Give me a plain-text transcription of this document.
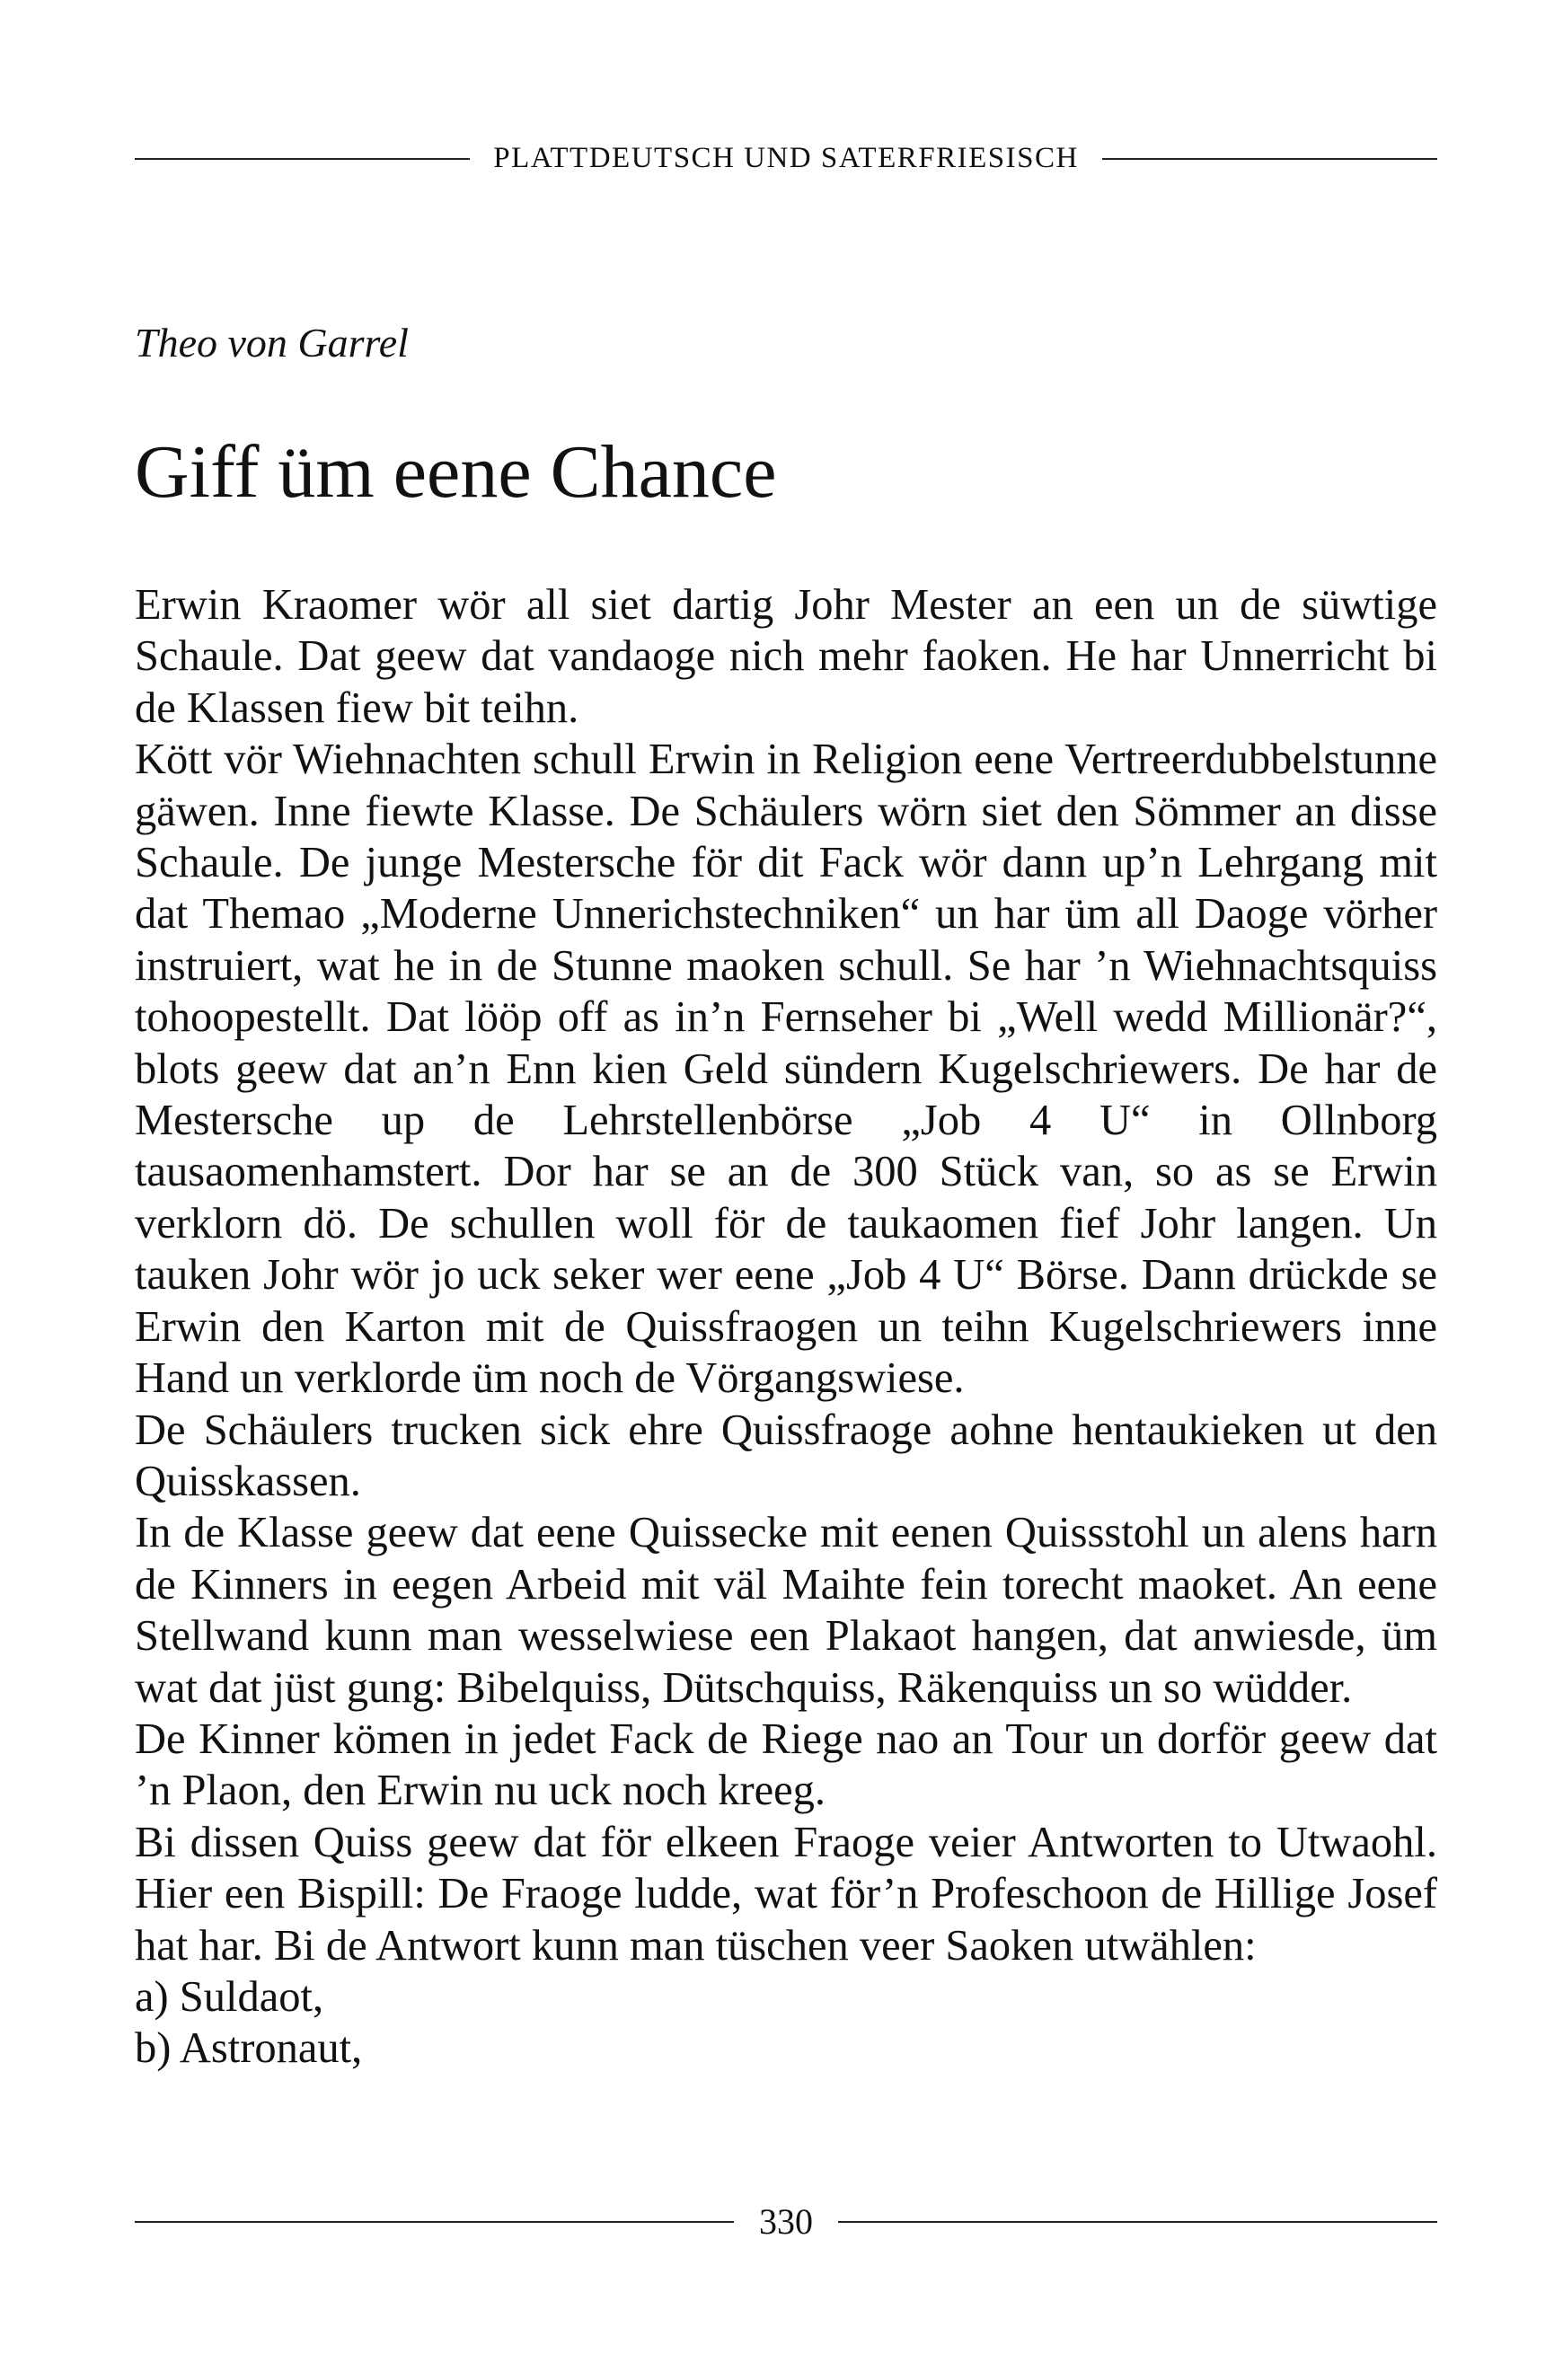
PLATTDEUTSCH UND SATERFRIESISCH
Theo von Garrel
Giff üm eene Chance

Erwin Kraomer wör all siet dartig Johr Mester an een un de süwtige Schaule. Dat geew dat vandaoge nich mehr faoken. He har Unnerricht bi de Klassen fiew bit teihn.

Kött vör Wiehnachten schull Erwin in Religion eene Vertreerdubbelstunne gäwen. Inne fiewte Klasse. De Schäulers wörn siet den Sömmer an disse Schaule. De junge Mestersche för dit Fack wör dann up’n Lehrgang mit dat Themao „Moderne Unnerichstechniken“ un har üm all Daoge vörher instruiert, wat he in de Stunne maoken schull. Se har ’n Wiehnachtsquiss tohoopestellt. Dat lööp off as in’n Fernseher bi „Well wedd Millionär?“, blots geew dat an’n Enn kien Geld sündern Kugelschriewers. De har de Mestersche up de Lehrstellenbörse „Job 4 U“ in Ollnborg tausaomenhamstert. Dor har se an de 300 Stück van, so as se Erwin verklorn dö. De schullen woll för de taukaomen fief Johr langen. Un tauken Johr wör jo uck seker wer eene „Job 4 U“ Börse. Dann drückde se Erwin den Karton mit de Quissfraogen un teihn Kugelschriewers inne Hand un verklorde üm noch de Vörgangswiese.

De Schäulers trucken sick ehre Quissfraoge aohne hentaukieken ut den Quisskassen.

In de Klasse geew dat eene Quissecke mit eenen Quissstohl un alens harn de Kinners in eegen Arbeid mit väl Maihte fein torecht maoket. An eene Stellwand kunn man wesselwiese een Plakaot hangen, dat anwiesde, üm wat dat jüst gung: Bibelquiss, Dütschquiss, Räkenquiss un so wüdder.

De Kinner kömen in jedet Fack de Riege nao an Tour un dorför geew dat ’n Plaon, den Erwin nu uck noch kreeg.

Bi dissen Quiss geew dat för elkeen Fraoge veier Antworten to Utwaohl. Hier een Bispill: De Fraoge ludde, wat för’n Profeschoon de Hillige Josef hat har. Bi de Antwort kunn man tüschen veer Saoken utwählen:

a) Suldaot,

b) Astronaut,

330
